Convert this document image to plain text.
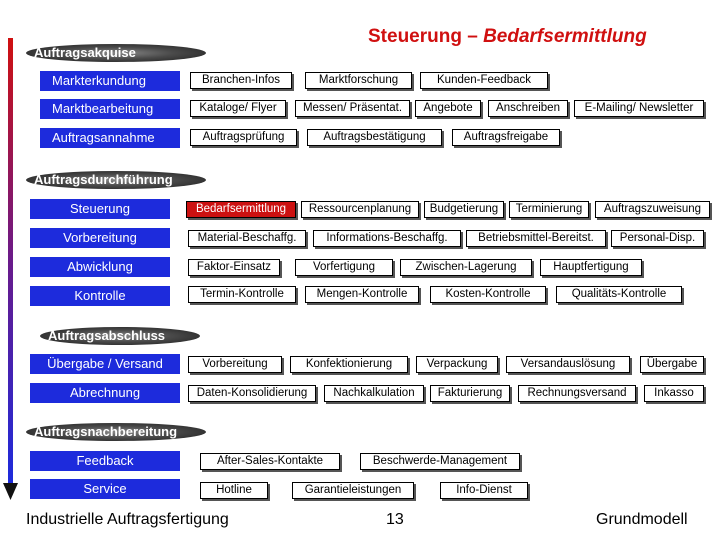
Steuerung – Bedarfsermittlung
Auftragsakquise
Auftragsdurchführung
Auftragsabschluss
Auftragsnachbereitung
Markterkundung	Branchen-Infos	Marktforschung	Kunden-Feedback
Marktbearbeitung	Kataloge/ Flyer	Messen/ Präsentat.	Angebote	Anschreiben	E-Mailing/ Newsletter
Auftragsannahme	Auftragsprüfung	Auftragsbestätigung	Auftragsfreigabe
Steuerung	Bedarfsermittlung	Ressourcenplanung	Budgetierung	Terminierung	Auftragszuweisung
Vorbereitung	Material-Beschaffg.	Informations-Beschaffg.	Betriebsmittel-Bereitst.	Personal-Disp.
Abwicklung	Faktor-Einsatz	Vorfertigung	Zwischen-Lagerung	Hauptfertigung
Kontrolle	Termin-Kontrolle	Mengen-Kontrolle	Kosten-Kontrolle	Qualitäts-Kontrolle
Übergabe / Versand	Vorbereitung	Konfektionierung	Verpackung	Versandauslösung	Übergabe
Abrechnung	Daten-Konsolidierung	Nachkalkulation	Fakturierung	Rechnungsversand	Inkasso
Feedback	After-Sales-Kontakte	Beschwerde-Management
Service	Hotline	Garantieleistungen	Info-Dienst
Industrielle Auftragsfertigung	13	Grundmodell
